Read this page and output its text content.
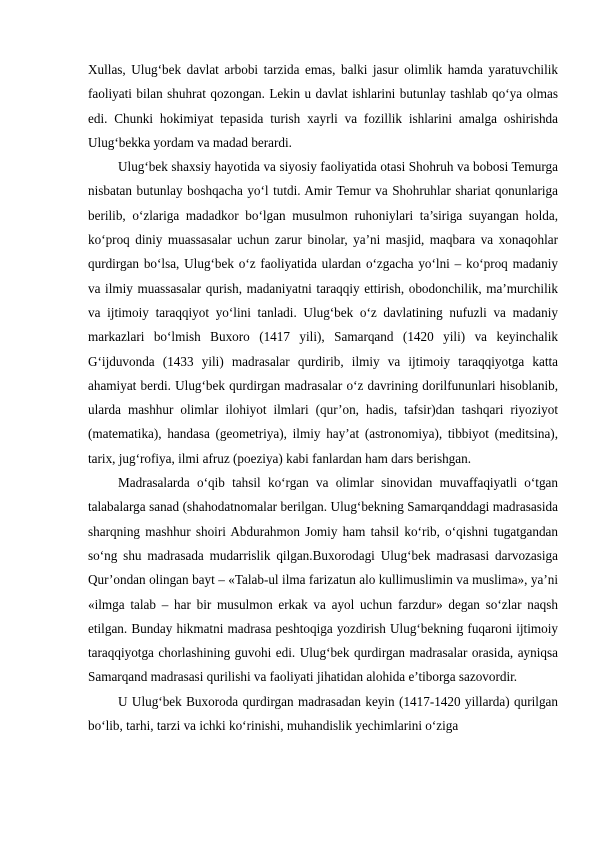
Xullas, Ulug‘bek davlat arbobi tarzida emas, balki jasur olimlik hamda yaratuvchilik faoliyati bilan shuhrat qozongan. Lekin u davlat ishlarini butunlay tashlab qo‘ya olmas edi. Chunki hokimiyat tepasida turish xayrli va fozillik ishlarini amalga oshirishda Ulug‘bekka yordam va madad berardi.

Ulug‘bek shaxsiy hayotida va siyosiy faoliyatida otasi Shohruh va bobosi Temurga nisbatan butunlay boshqacha yo‘l tutdi. Amir Temur va Shohruhlar shariat qonunlariga berilib, o‘zlariga madadkor bo‘lgan musulmon ruhoniylari ta’siriga suyangan holda, ko‘proq diniy muassasalar uchun zarur binolar, ya’ni masjid, maqbara va xonaqohlar qurdirgan bo‘lsa, Ulug‘bek o‘z faoliyatida ulardan o‘zgacha yo‘lni – ko‘proq madaniy va ilmiy muassasalar qurish, madaniyatni taraqqiy ettirish, obodonchilik, ma’murchilik va ijtimoiy taraqqiyot yo‘lini tanladi. Ulug‘bek o‘z davlatining nufuzli va madaniy markazlari bo‘lmish Buxoro (1417 yili), Samarqand (1420 yili) va keyinchalik G‘ijduvonda (1433 yili) madrasalar qurdirib, ilmiy va ijtimoiy taraqqiyotga katta ahamiyat berdi. Ulug‘bek qurdirgan madrasalar o‘z davrining dorilfununlari hisoblanib, ularda mashhur olimlar ilohiyot ilmlari (qur’on, hadis, tafsir)dan tashqari riyoziyot (matematika), handasa (geometriya), ilmiy hay’at (astronomiya), tibbiyot (meditsina), tarix, jug‘rofiya, ilmi afruz (poeziya) kabi fanlardan ham dars berishgan.

Madrasalarda o‘qib tahsil ko‘rgan va olimlar sinovidan muvaffaqiyatli o‘tgan talabalarga sanad (shahodatnomalar berilgan. Ulug‘bekning Samarqanddagi madrasasida sharqning mashhur shoiri Abdurahmon Jomiy ham tahsil ko‘rib, o‘qishni tugatgandan so‘ng shu madrasada mudarrislik qilgan.Buxorodagi Ulug‘bek madrasasi darvozasiga Qur’ondan olingan bayt – «Talab-ul ilma farizatun alo kullimuslimin va muslima», ya’ni «ilmga talab – har bir musulmon erkak va ayol uchun farzdur» degan so‘zlar naqsh etilgan. Bunday hikmatni madrasa peshtoqiga yozdirish Ulug‘bekning fuqaroni ijtimoiy taraqqiyotga chorlashining guvohi edi. Ulug‘bek qurdirgan madrasalar orasida, ayniqsa Samarqand madrasasi qurilishi va faoliyati jihatidan alohida e’tiborga sazovordir.

U Ulug‘bek Buxoroda qurdirgan madrasadan keyin (1417-1420 yillarda) qurilgan bo‘lib, tarhi, tarzi va ichki ko‘rinishi, muhandislik yechimlarini o‘ziga
